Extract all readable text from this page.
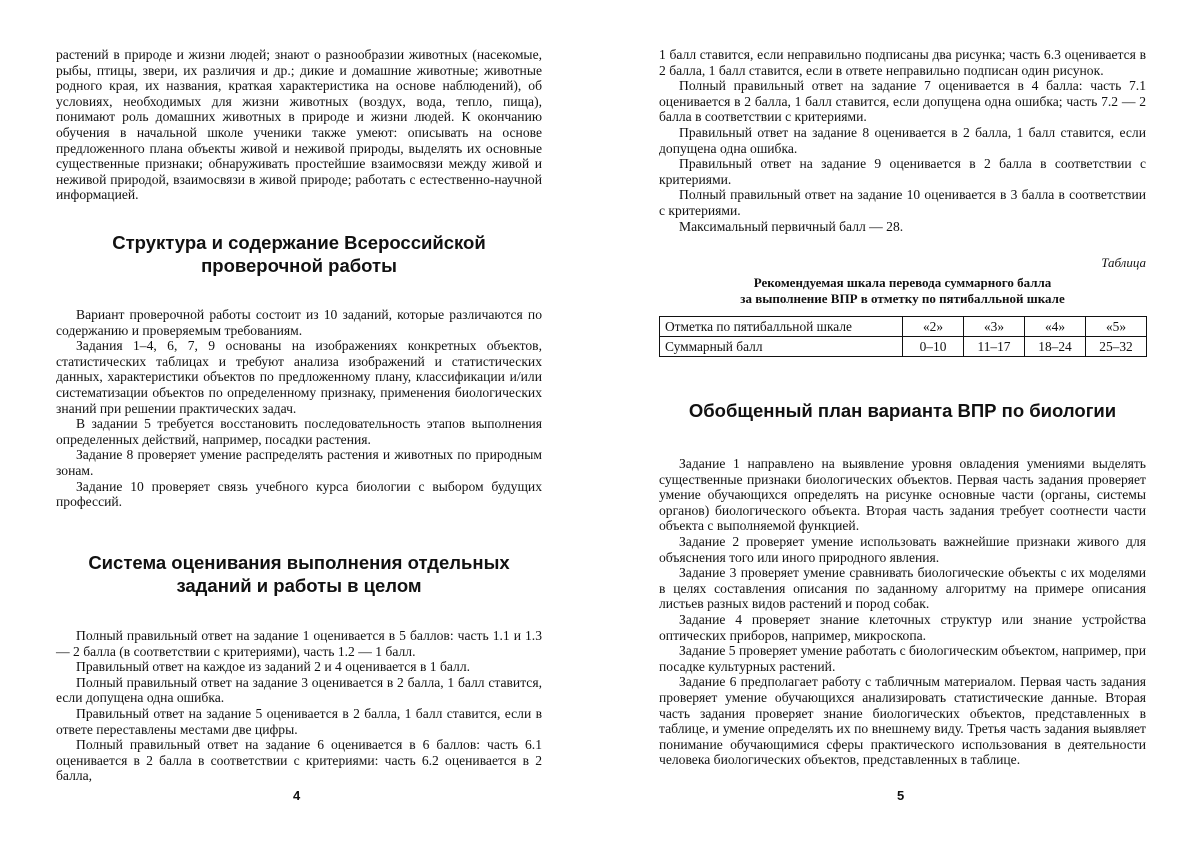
растений в природе и жизни людей; знают о разнообразии животных (насекомые, рыбы, птицы, звери, их различия и др.; дикие и домашние животные; животные родного края, их названия, краткая характеристика на основе наблюдений), об условиях, необходимых для жизни животных (воздух, вода, тепло, пища), понимают роль домашних животных в природе и жизни людей. К окончанию обучения в начальной школе ученики также умеют: описывать на основе предложенного плана объекты живой и неживой природы, выделять их основные существенные признаки; обнаруживать простейшие взаимосвязи между живой и неживой природой, взаимосвязи в живой природе; работать с естественно-научной информацией.

Структура и содержание Всероссийской проверочной работы

Вариант проверочной работы состоит из 10 заданий, которые различаются по содержанию и проверяемым требованиям.

Задания 1–4, 6, 7, 9 основаны на изображениях конкретных объектов, статистических таблицах и требуют анализа изображений и статистических данных, характеристики объектов по предложенному плану, классификации и/или систематизации объектов по определенному признаку, применения биологических знаний при решении практических задач.

В задании 5 требуется восстановить последовательность этапов выполнения определенных действий, например, посадки растения.

Задание 8 проверяет умение распределять растения и животных по природным зонам.

Задание 10 проверяет связь учебного курса биологии с выбором будущих профессий.

Система оценивания выполнения отдельных заданий и работы в целом

Полный правильный ответ на задание 1 оценивается в 5 баллов: часть 1.1 и 1.3 — 2 балла (в соответствии с критериями), часть 1.2 — 1 балл.

Правильный ответ на каждое из заданий 2 и 4 оценивается в 1 балл.

Полный правильный ответ на задание 3 оценивается в 2 балла, 1 балл ставится, если допущена одна ошибка.

Правильный ответ на задание 5 оценивается в 2 балла, 1 балл ставится, если в ответе переставлены местами две цифры.

Полный правильный ответ на задание 6 оценивается в 6 баллов: часть 6.1 оценивается в 2 балла в соответствии с критериями: часть 6.2 оценивается в 2 балла,

4

1 балл ставится, если неправильно подписаны два рисунка; часть 6.3 оценивается в 2 балла, 1 балл ставится, если в ответе неправильно подписан один рисунок.

Полный правильный ответ на задание 7 оценивается в 4 балла: часть 7.1 оценивается в 2 балла, 1 балл ставится, если допущена одна ошибка; часть 7.2 — 2 балла в соответствии с критериями.

Правильный ответ на задание 8 оценивается в 2 балла, 1 балл ставится, если допущена одна ошибка.

Правильный ответ на задание 9 оценивается в 2 балла в соответствии с критериями.

Полный правильный ответ на задание 10 оценивается в 3 балла в соответствии с критериями.

Максимальный первичный балл — 28.

Таблица
Рекомендуемая шкала перевода суммарного балла
за выполнение ВПР в отметку по пятибалльной шкале
Отметка по пятибалльной шкале	«2»	«3»	«4»	«5»
Суммарный балл	0–10	11–17	18–24	25–32
Обобщенный план варианта ВПР по биологии

Задание 1 направлено на выявление уровня овладения умениями выделять существенные признаки биологических объектов. Первая часть задания проверяет умение обучающихся определять на рисунке основные части (органы, системы органов) биологического объекта. Вторая часть задания требует соотнести части объекта с выполняемой функцией.

Задание 2 проверяет умение использовать важнейшие признаки живого для объяснения того или иного природного явления.

Задание 3 проверяет умение сравнивать биологические объекты с их моделями в целях составления описания по заданному алгоритму на примере описания листьев разных видов растений и пород собак.

Задание 4 проверяет знание клеточных структур или знание устройства оптических приборов, например, микроскопа.

Задание 5 проверяет умение работать с биологическим объектом, например, при посадке культурных растений.

Задание 6 предполагает работу с табличным материалом. Первая часть задания проверяет умение обучающихся анализировать статистические данные. Вторая часть задания проверяет знание биологических объектов, представленных в таблице, и умение определять их по внешнему виду. Третья часть задания выявляет понимание обучающимися сферы практического использования в деятельности человека биологических объектов, представленных в таблице.

5
